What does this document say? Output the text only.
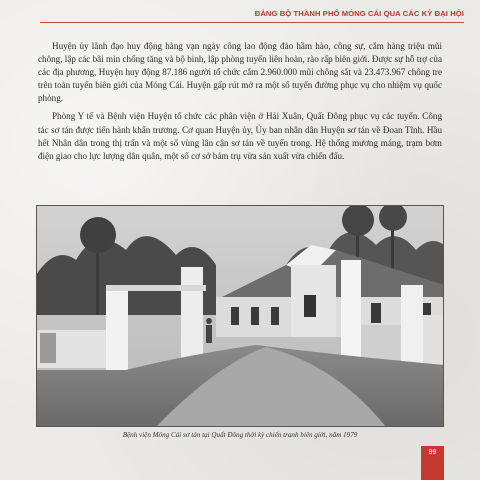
ĐẢNG BỘ THÀNH PHỐ MÓNG CÁI QUA CÁC KỲ ĐẠI HỘI

Huyện ủy lãnh đạo huy động hàng vạn ngày công lao động đào hầm hào, công sự, cắm hàng triệu mũi chông, lập các bãi mìn chống tăng và bộ binh, lập phòng tuyến liên hoàn, rào rấp biên giới. Được sự hỗ trợ của các địa phương, Huyện huy động 87.186 người tổ chức cắm 2.960.000 mũi chông sắt và 23.473.967 chông tre trên toàn tuyến biên giới của Móng Cái. Huyện gấp rút mở ra một số tuyến đường phục vụ cho nhiệm vụ quốc phòng.

Phòng Y tế và Bệnh viện Huyện tổ chức các phân viện ở Hải Xuân, Quất Đông phục vụ các tuyến. Công tác sơ tán được tiến hành khẩn trương. Cơ quan Huyện ủy, Ủy ban nhân dân Huyện sơ tán về Đoan Tĩnh. Hầu hết Nhân dân trong thị trấn và một số vùng lân cận sơ tán về tuyến trong. Hệ thống mương máng, trạm bơm điện giao cho lực lượng dân quân, một số cơ sở bám trụ vừa sản xuất vừa chiến đấu.

Bệnh viện Móng Cái sơ tán tại Quất Đông thời kỳ chiến tranh biên giới, năm 1979
99
